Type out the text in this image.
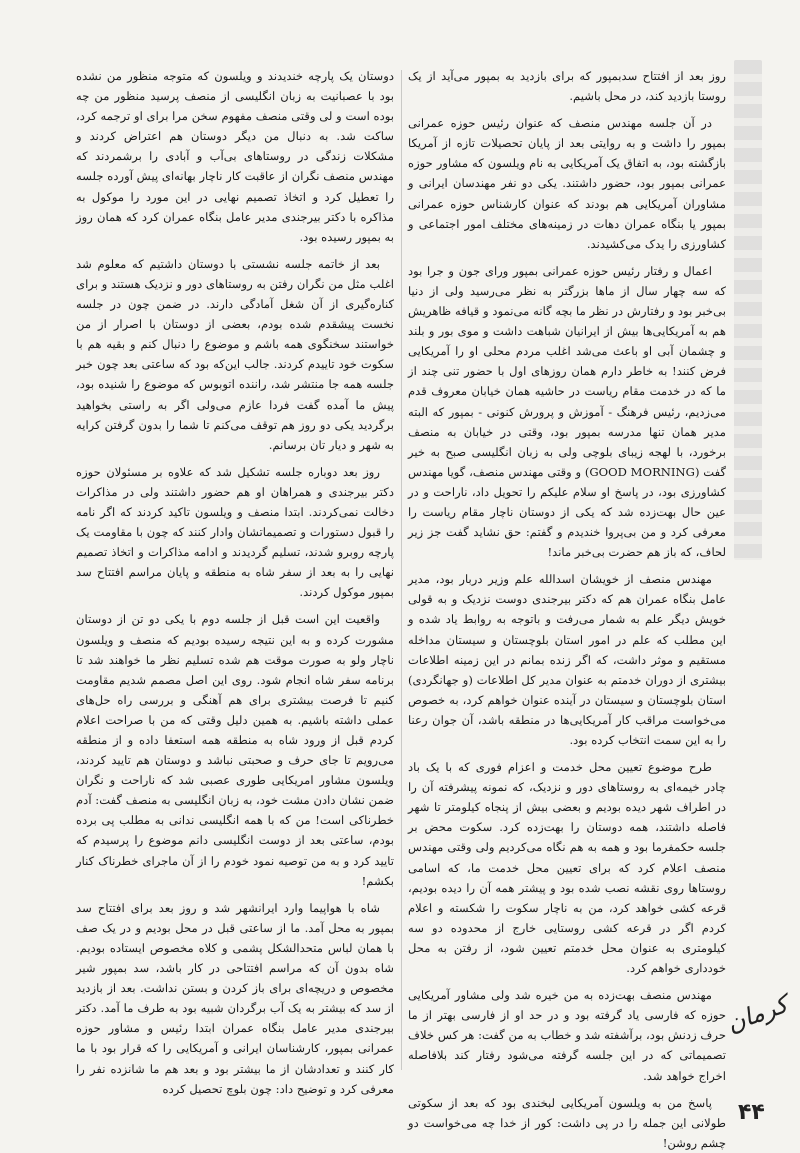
روز بعد از افتتاح سدبمپور که برای بازدید به بمپور می‌آید از یک روستا بازدید کند، در محل باشیم.

در آن جلسه مهندس منصف که عنوان رئیس حوزه عمرانی بمپور را داشت و به روایتی بعد از پایان تحصیلات تازه از آمریکا بازگشته بود، به اتفاق یک آمریکایی به نام ویلسون که مشاور حوزه عمرانی بمپور بود، حضور داشتند. یکی دو نفر مهندسان ایرانی و مشاوران آمریکایی هم بودند که عنوان کارشناس حوزه عمرانی بمپور یا بنگاه عمران دهات در زمینه‌های مختلف امور اجتماعی و کشاورزی را یدک می‌کشیدند.

اعمال و رفتار رئیس حوزه عمرانی بمپور ورای جون و جرا بود که سه چهار سال از ماها بزرگتر به نظر می‌رسید ولی از دنیا بی‌خبر بود و رفتارش در نظر ما بچه گانه می‌نمود و قیافه ظاهریش هم به آمریکایی‌ها بیش از ایرانیان شباهت داشت و موی بور و بلند و چشمان آبی او باعث می‌شد اغلب مردم محلی او را آمریکایی فرض کنند! به خاطر دارم همان روزهای اول با حضور تنی چند از ما که در خدمت مقام ریاست در حاشیه همان خیابان معروف قدم می‌زدیم، رئیس فرهنگ - آموزش و پرورش کنونی - بمپور که البته مدیر همان تنها مدرسه بمپور بود، وقتی در خیابان به منصف برخورد، با لهجه زیبای بلوچی ولی به زبان انگلیسی صبح به خیر گفت (GOOD MORNING) و وقتی مهندس منصف، گویا مهندس کشاورزی بود، در پاسخ او سلام علیکم را تحویل داد، ناراحت و در عین حال بهت‌زده شد که یکی از دوستان ناچار مقام ریاست را معرفی کرد و من بی‌پروا خندیدم و گفتم: حق نشاید گفت جز زیر لحاف، که باز هم حضرت بی‌خبر ماند!

مهندس منصف از خویشان اسدالله علم وزیر دربار بود، مدیر عامل بنگاه عمران هم که دکتر بیرجندی دوست نزدیک و به قولی خویش دیگر علم به شمار می‌رفت و باتوجه به روابط یاد شده و این مطلب که علم در امور استان بلوچستان و سیستان مداخله مستقیم و موثر داشت، که اگر زنده بمانم در این زمینه اطلاعات بیشتری از دوران خدمتم به عنوان مدیر کل اطلاعات (و جهانگردی) استان بلوچستان و سیستان در آینده عنوان خواهم کرد، به خصوص می‌خواست مراقب کار آمریکایی‌ها در منطقه باشد، آن جوان رعنا را به این سمت انتخاب کرده بود.

طرح موضوع تعیین محل خدمت و اعزام فوری که با یک باد چادر خیمه‌ای به روستاهای دور و نزدیک، که نمونه پیشرفته آن را در اطراف شهر دیده بودیم و بعضی بیش از پنجاه کیلومتر تا شهر فاصله داشتند، همه دوستان را بهت‌زده کرد. سکوت محض بر جلسه حکمفرما بود و همه به هم نگاه می‌کردیم ولی وقتی مهندس منصف اعلام کرد که برای تعیین محل خدمت ما، که اسامی روستاها روی نقشه نصب شده بود و پیشتر همه آن را دیده بودیم، قرعه کشی خواهد کرد، من به ناچار سکوت را شکسته و اعلام کردم اگر در قرعه کشی روستایی خارج از محدوده دو سه کیلومتری به عنوان محل خدمتم تعیین شود، از رفتن به محل خودداری خواهم کرد.

مهندس منصف بهت‌زده به من خیره شد ولی مشاور آمریکایی حوزه که فارسی یاد گرفته بود و در حد او از فارسی بهتر از ما حرف زدنش بود، برآشفته شد و خطاب به من گفت: هر کس خلاف تصمیماتی که در این جلسه گرفته می‌شود رفتار کند بلافاصله اخراج خواهد شد.

پاسخ من به ویلسون آمریکایی لبخندی بود که بعد از سکوتی طولانی این جمله را در پی داشت: کور از خدا چه می‌خواست دو چشم روشن!

دوستان یک پارچه خندیدند و ویلسون که متوجه منظور من نشده بود با عصبانیت به زبان انگلیسی از منصف پرسید منظور من چه بوده است و لی وقتی منصف مفهوم سخن مرا برای او ترجمه کرد، ساکت شد. به دنبال من دیگر دوستان هم اعتراض کردند و مشکلات زندگی در روستاهای بی‌آب و آبادی را برشمردند که مهندس منصف نگران از عاقبت کار ناچار بهانه‌ای پیش آورده جلسه را تعطیل کرد و اتخاذ تصمیم نهایی در این مورد را موکول به مذاکره با دکتر بیرجندی مدیر عامل بنگاه عمران کرد که همان روز به بمپور رسیده بود.

بعد از خاتمه جلسه نشستی با دوستان داشتیم که معلوم شد اغلب مثل من نگران رفتن به روستاهای دور و نزدیک هستند و برای کناره‌گیری از آن شغل آمادگی دارند. در ضمن چون در جلسه نخست پیشقدم شده بودم، بعضی از دوستان با اصرار از من خواستند سخنگوی همه باشم و موضوع را دنبال کنم و بقیه هم با سکوت خود تاییدم کردند. جالب این‌که بود که ساعتی بعد چون خبر جلسه همه جا منتشر شد، راننده اتوبوس که موضوع را شنیده بود، پیش ما آمده گفت فردا عازم می‌ولی اگر به راستی بخواهید برگردید یکی دو روز هم توقف می‌کنم تا شما را بدون گرفتن کرایه به شهر و دیار تان برسانم.

روز بعد دوباره جلسه تشکیل شد که علاوه بر مسئولان حوزه دکتر بیرجندی و همراهان او هم حضور داشتند ولی در مذاکرات دخالت نمی‌کردند. ابتدا منصف و ویلسون تاکید کردند که اگر نامه را قبول دستورات و تصمیماتشان وادار کنند که چون با مقاومت یک پارچه روبرو شدند، تسلیم گردیدند و ادامه مذاکرات و اتخاذ تصمیم نهایی را به بعد از سفر شاه به منطقه و پایان مراسم افتتاح سد بمپور موکول کردند.

واقعیت این است قبل از جلسه دوم با یکی دو تن از دوستان مشورت کرده و به این نتیجه رسیده بودیم که منصف و ویلسون ناچار ولو به صورت موقت هم شده تسلیم نظر ما خواهند شد تا برنامه سفر شاه انجام شود. روی این اصل مصمم شدیم مقاومت کنیم تا فرصت بیشتری برای هم آهنگی و بررسی راه حل‌های عملی داشته باشیم. به همین دلیل وقتی که من با صراحت اعلام کردم قبل از ورود شاه به منطقه همه استعفا داده و از منطقه می‌رویم تا جای حرف و صحبتی نباشد و دوستان هم تایید کردند، ویلسون مشاور امریکایی طوری عصبی شد که ناراحت و نگران ضمن نشان دادن مشت خود، به زبان انگلیسی به منصف گفت: آدم خطرناکی است! من که با همه انگلیسی ندانی به مطلب پی برده بودم، ساعتی بعد از دوست انگلیسی دانم موضوع را پرسیدم که تایید کرد و به من توصیه نمود خودم را از آن ماجرای خطرناک کنار بکشم!

شاه با هواپیما وارد ایرانشهر شد و روز بعد برای افتتاح سد بمپور به محل آمد. ما از ساعتی قبل در محل بودیم و در یک صف با همان لباس متحدالشکل پشمی و کلاه مخصوص ایستاده بودیم. شاه بدون آن که مراسم افتتاحی در کار باشد، سد بمپور شیر مخصوص و دریچه‌ای برای باز کردن و بستن نداشت. بعد از بازدید از سد که بیشتر به یک آب برگردان شبیه بود به طرف ما آمد. دکتر بیرجندی مدیر عامل بنگاه عمران ابتدا رئیس و مشاور حوزه عمرانی بمپور، کارشناسان ایرانی و آمریکایی را که قرار بود با ما کار کنند و تعدادشان از ما بیشتر بود و بعد هم ما شانزده نفر را معرفی کرد و توضیح داد: چون بلوچ تحصیل کرده

کرمان
۴۴
